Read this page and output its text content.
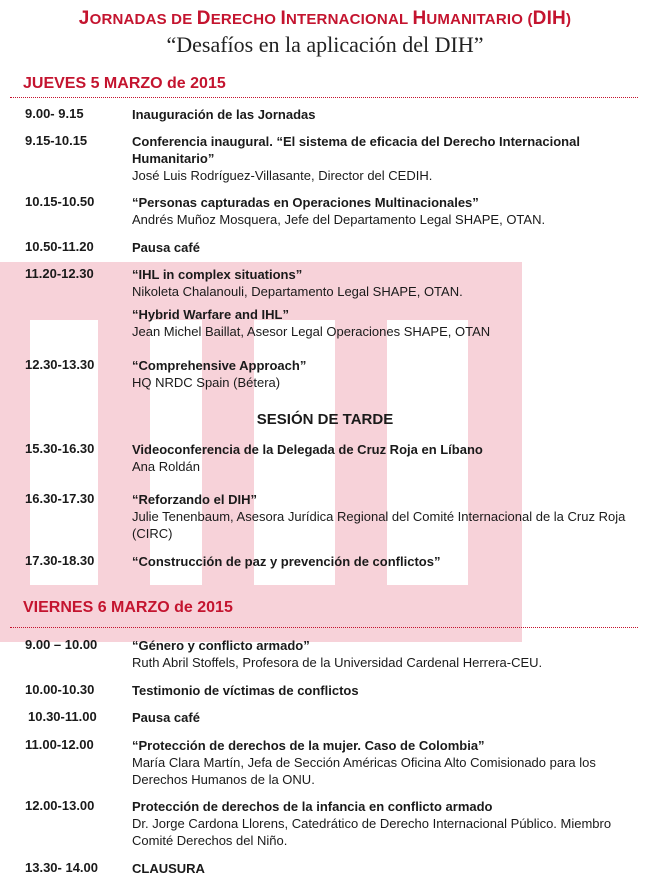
JORNADAS DE DERECHO INTERNACIONAL HUMANITARIO (DIH)
“Desafíos en la aplicación del DIH”
JUEVES 5 MARZO de 2015
9.00- 9.15	Inauguración de las Jornadas
9.15-10.15	Conferencia inaugural. “El sistema de eficacia del Derecho Internacional Humanitario”
José Luis Rodríguez-Villasante, Director del CEDIH.
10.15-10.50	“Personas capturadas en Operaciones Multinacionales”
Andrés Muñoz Mosquera, Jefe del Departamento Legal SHAPE, OTAN.
10.50-11.20	Pausa café
11.20-12.30	“IHL in complex situations”
Nikoleta Chalanouli, Departamento Legal SHAPE, OTAN.
“Hybrid Warfare and IHL”
Jean Michel Baillat, Asesor Legal Operaciones SHAPE, OTAN
12.30-13.30	“Comprehensive Approach”
HQ NRDC Spain (Bétera)
SESIÓN DE TARDE
15.30-16.30	Videoconferencia de la Delegada de Cruz Roja en Líbano
Ana Roldán
16.30-17.30	“Reforzando el DIH”
Julie Tenenbaum, Asesora Jurídica Regional del Comité Internacional de la Cruz Roja (CIRC)
17.30-18.30	“Construcción de paz y prevención de conflictos”
VIERNES 6 MARZO de 2015
9.00 – 10.00	“Género y conflicto armado”
Ruth Abril Stoffels, Profesora de la Universidad Cardenal Herrera-CEU.
10.00-10.30	Testimonio de víctimas de conflictos
10.30-11.00	Pausa café
11.00-12.00	“Protección de derechos de la mujer. Caso de Colombia”
María Clara Martín, Jefa de Sección Américas Oficina Alto Comisionado para los Derechos Humanos de la ONU.
12.00-13.00	Protección de derechos de la infancia en conflicto armado
Dr. Jorge Cardona Llorens, Catedrático de Derecho Internacional Público. Miembro Comité Derechos del Niño.
13.30- 14.00	CLAUSURA
